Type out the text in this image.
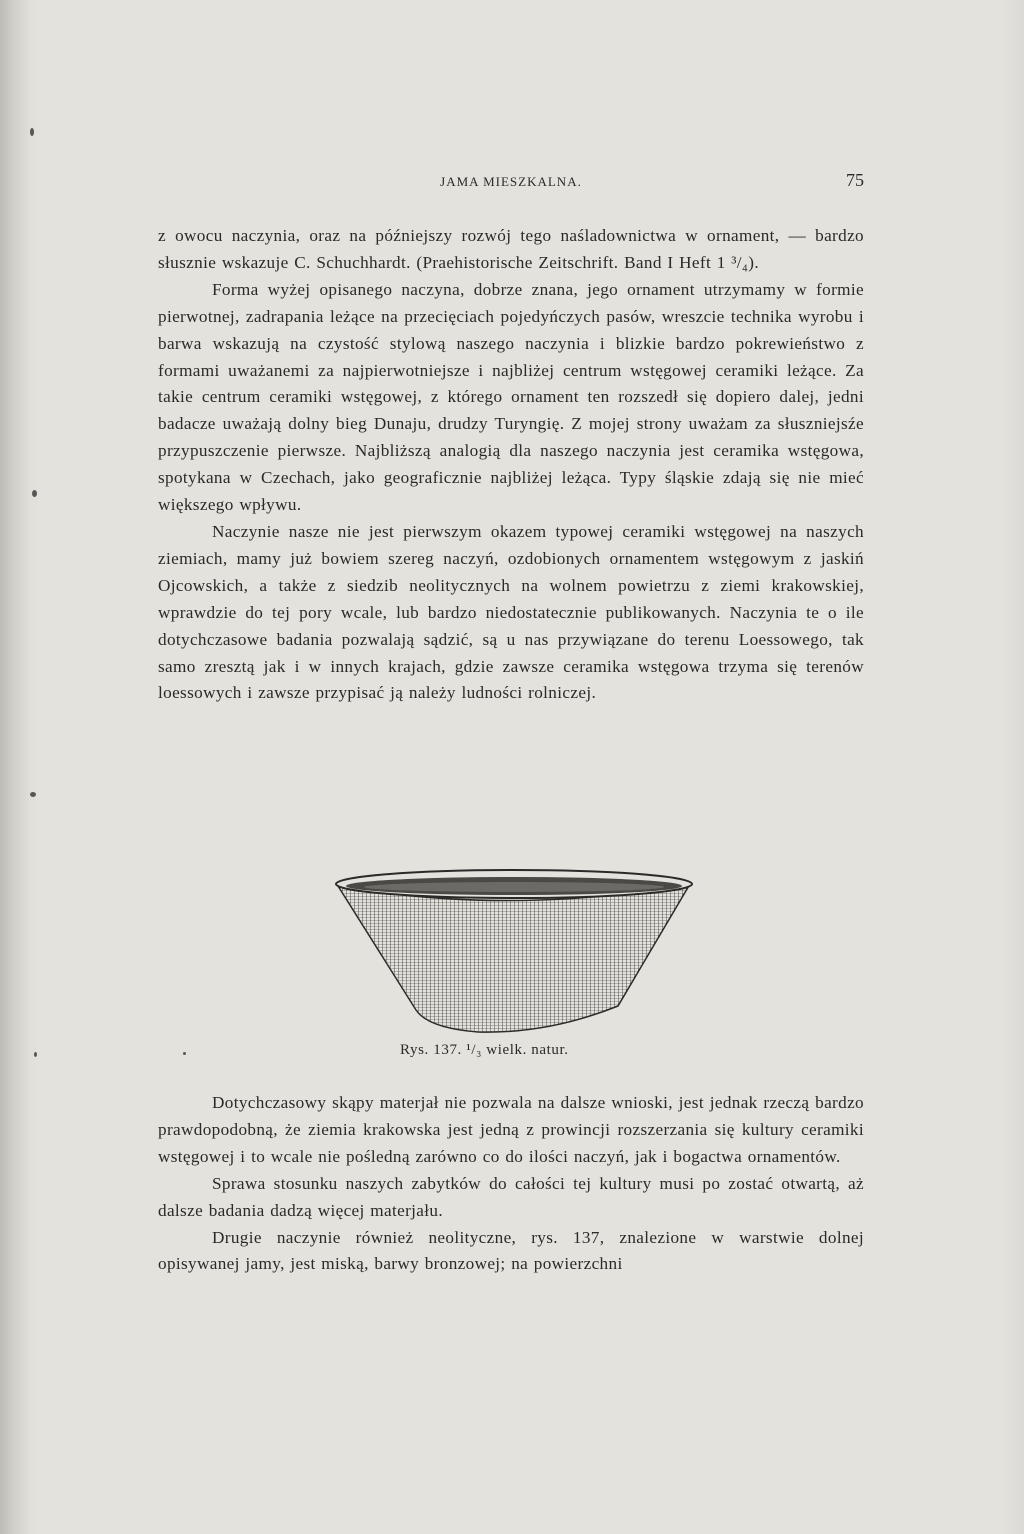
JAMA MIESZKALNA.	75

z owocu naczynia, oraz na późniejszy rozwój tego naśladownictwa w ornament, — bardzo słusznie wskazuje C. Schuchhardt. (Praehistorische Zeitschrift. Band I Heft 1 ³/₄).

Forma wyżej opisanego naczyna, dobrze znana, jego ornament utrzymamy w formie pierwotnej, zadrapania leżące na przecięciach pojedyńczych pasów, wreszcie technika wyrobu i barwa wskazują na czystość stylową naszego naczynia i blizkie bardzo pokrewieństwo z formami uważanemi za najpierwotniejsze i najbliżej centrum wstęgowej ceramiki leżące. Za takie centrum ceramiki wstęgowej, z którego ornament ten rozszedł się dopiero dalej, jedni badacze uważają dolny bieg Dunaju, drudzy Turyngię. Z mojej strony uważam za słuszniejsźe przypuszczenie pierwsze. Najbliższą analogią dla naszego naczynia jest ceramika wstęgowa, spotykana w Czechach, jako geograficznie najbliżej leżąca. Typy śląskie zdają się nie mieć większego wpływu.

Naczynie nasze nie jest pierwszym okazem typowej ceramiki wstęgowej na naszych ziemiach, mamy już bowiem szereg naczyń, ozdobionych ornamentem wstęgowym z jaskiń Ojcowskich, a także z siedzib neolitycznych na wolnem powietrzu z ziemi krakowskiej, wprawdzie do tej pory wcale, lub bardzo niedostatecznie publikowanych. Naczynia te o ile dotychczasowe badania pozwalają sądzić, są u nas przywiązane do terenu Loessowego, tak samo zresztą jak i w innych krajach, gdzie zawsze ceramika wstęgowa trzyma się terenów loessowych i zawsze przypisać ją należy ludności rolniczej.

Rys. 137. ¹/₃ wielk. natur.

Dotychczasowy skąpy materjał nie pozwala na dalsze wnioski, jest jednak rzeczą bardzo prawdopodobną, że ziemia krakowska jest jedną z prowincji rozszerzania się kultury ceramiki wstęgowej i to wcale nie pośledną zarówno co do ilości naczyń, jak i bogactwa ornamentów.

Sprawa stosunku naszych zabytków do całości tej kultury musi po zostać otwartą, aż dalsze badania dadzą więcej materjału.

Drugie naczynie również neolityczne, rys. 137, znalezione w warstwie dolnej opisywanej jamy, jest miską, barwy bronzowej; na powierzchni
